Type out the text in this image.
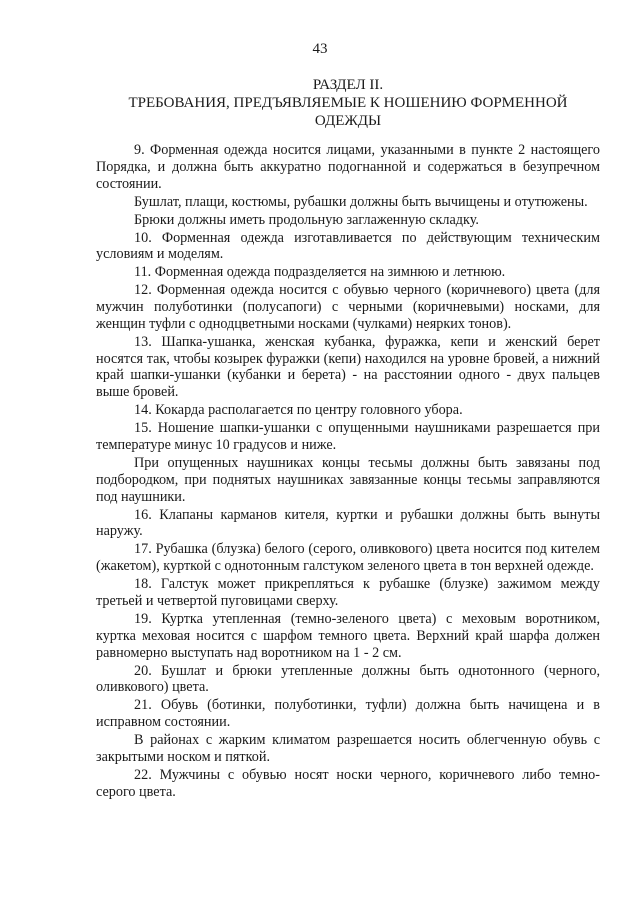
43
РАЗДЕЛ II.
ТРЕБОВАНИЯ, ПРЕДЪЯВЛЯЕМЫЕ К НОШЕНИЮ ФОРМЕННОЙ
ОДЕЖДЫ

9. Форменная одежда носится лицами, указанными в пункте 2 настоящего Порядка, и должна быть аккуратно подогнанной и содержаться в безупречном состоянии.

Бушлат, плащи, костюмы, рубашки должны быть вычищены и отутюжены.

Брюки должны иметь продольную заглаженную складку.

10. Форменная одежда изготавливается по действующим техническим условиям и моделям.

11. Форменная одежда подразделяется на зимнюю и летнюю.

12. Форменная одежда носится с обувью черного (коричневого) цвета (для мужчин полуботинки (полусапоги) с черными (коричневыми) носками, для женщин туфли с однодцветными носками (чулками) неярких тонов).

13. Шапка-ушанка, женская кубанка, фуражка, кепи и женский берет носятся так, чтобы козырек фуражки (кепи) находился на уровне бровей, а нижний край шапки-ушанки (кубанки и берета) - на расстоянии одного - двух пальцев выше бровей.

14. Кокарда располагается по центру головного убора.

15. Ношение шапки-ушанки с опущенными наушниками разрешается при температуре минус 10 градусов и ниже.

При опущенных наушниках концы тесьмы должны быть завязаны под подбородком, при поднятых наушниках завязанные концы тесьмы заправляются под наушники.

16. Клапаны карманов кителя, куртки и рубашки должны быть вынуты наружу.

17. Рубашка (блузка) белого (серого, оливкового) цвета носится под кителем (жакетом), курткой с однотонным галстуком зеленого цвета в тон верхней одежде.

18. Галстук может прикрепляться к рубашке (блузке) зажимом между третьей и четвертой пуговицами сверху.

19. Куртка утепленная (темно-зеленого цвета) с меховым воротником, куртка меховая носится с шарфом темного цвета. Верхний край шарфа должен равномерно выступать над воротником на 1 - 2 см.

20. Бушлат и брюки утепленные должны быть однотонного (черного, оливкового) цвета.

21. Обувь (ботинки, полуботинки, туфли) должна быть начищена и в исправном состоянии.

В районах с жарким климатом разрешается носить облегченную обувь с закрытыми носком и пяткой.

22. Мужчины с обувью носят носки черного, коричневого либо темно-серого цвета.
